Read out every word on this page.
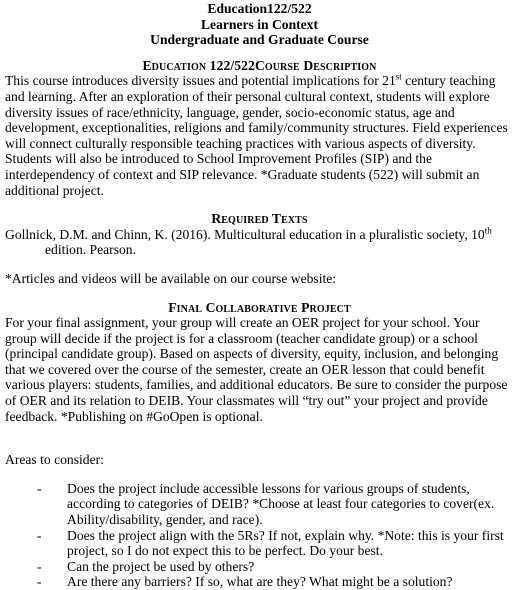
Education122/522
Learners in Context
Undergraduate and Graduate Course
Education 122/522Course Description
This course introduces diversity issues and potential implications for 21st century teaching and learning. After an exploration of their personal cultural context, students will explore diversity issues of race/ethnicity, language, gender, socio-economic status, age and development, exceptionalities, religions and family/community structures. Field experiences will connect culturally responsible teaching practices with various aspects of diversity. Students will also be introduced to School Improvement Profiles (SIP) and the interdependency of context and SIP relevance. *Graduate students (522) will submit an additional project.
Required Texts
Gollnick, D.M. and Chinn, K. (2016). Multicultural education in a pluralistic society, 10th edition. Pearson.
*Articles and videos will be available on our course website:
Final Collaborative Project
For your final assignment, your group will create an OER project for your school. Your group will decide if the project is for a classroom (teacher candidate group) or a school (principal candidate group). Based on aspects of diversity, equity, inclusion, and belonging that we covered over the course of the semester, create an OER lesson that could benefit various players: students, families, and additional educators. Be sure to consider the purpose of OER and its relation to DEIB. Your classmates will “try out” your project and provide feedback. *Publishing on #GoOpen is optional.
Areas to consider:
-	Does the project include accessible lessons for various groups of students, according to categories of DEIB? *Choose at least four categories to cover(ex. Ability/disability, gender, and race).
-	Does the project align with the 5Rs? If not, explain why. *Note: this is your first project, so I do not expect this to be perfect. Do your best.
-	Can the project be used by others?
-	Are there any barriers? If so, what are they? What might be a solution?
